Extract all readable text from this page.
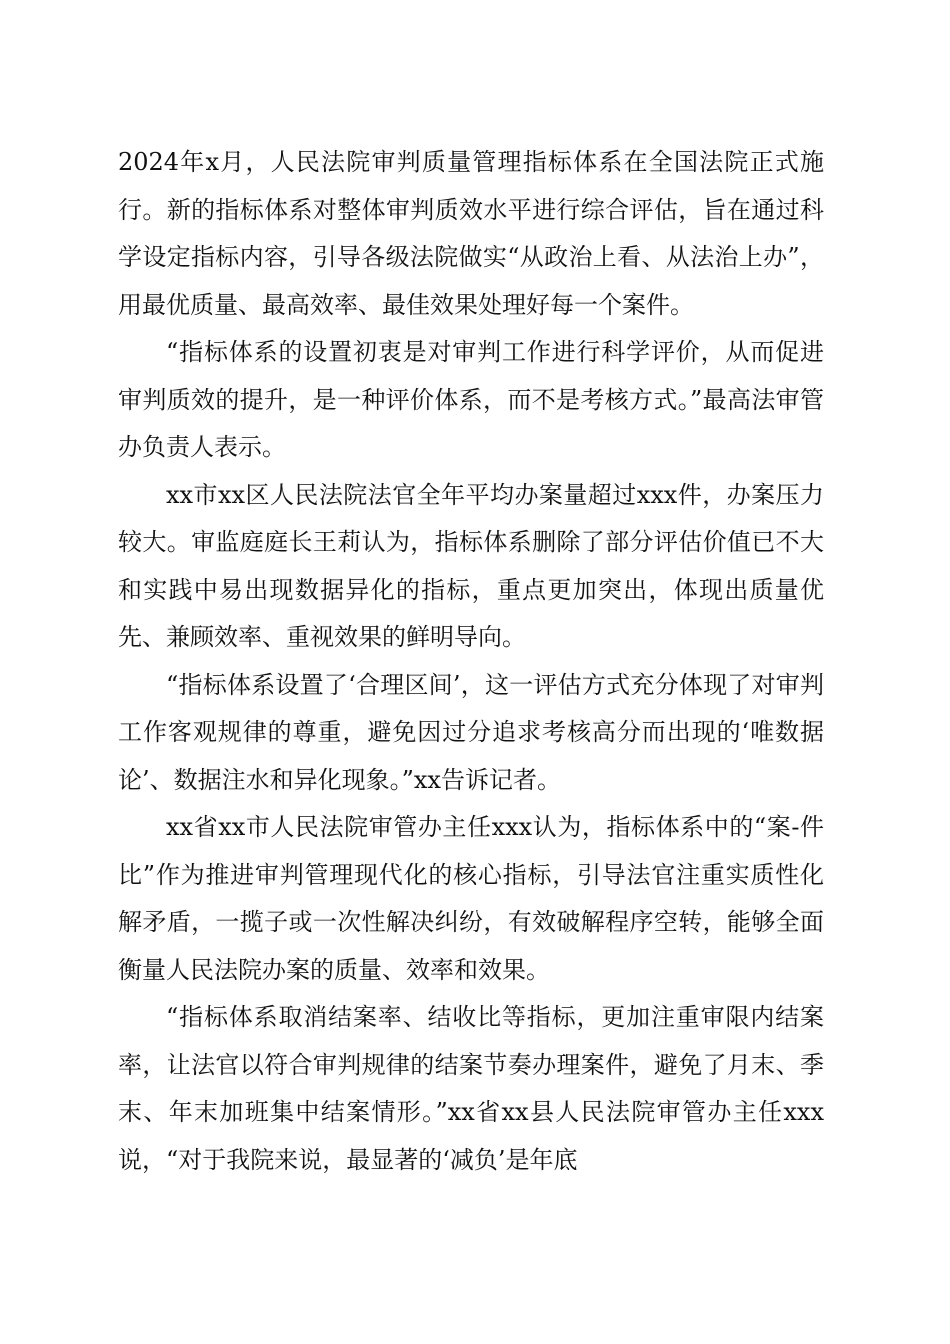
2024年x月，人民法院审判质量管理指标体系在全国法院正式施行。新的指标体系对整体审判质效水平进行综合评估，旨在通过科学设定指标内容，引导各级法院做实“从政治上看、从法治上办”，用最优质量、最高效率、最佳效果处理好每一个案件。

“指标体系的设置初衷是对审判工作进行科学评价，从而促进审判质效的提升，是一种评价体系，而不是考核方式。”最高法审管办负责人表示。

xx市xx区人民法院法官全年平均办案量超过xxx件，办案压力较大。审监庭庭长王莉认为，指标体系删除了部分评估价值已不大和实践中易出现数据异化的指标，重点更加突出，体现出质量优先、兼顾效率、重视效果的鲜明导向。

“指标体系设置了‘合理区间’，这一评估方式充分体现了对审判工作客观规律的尊重，避免因过分追求考核高分而出现的‘唯数据论’、数据注水和异化现象。”xx告诉记者。

xx省xx市人民法院审管办主任xxx认为，指标体系中的“案-件比”作为推进审判管理现代化的核心指标，引导法官注重实质性化解矛盾，一揽子或一次性解决纠纷，有效破解程序空转，能够全面衡量人民法院办案的质量、效率和效果。

“指标体系取消结案率、结收比等指标，更加注重审限内结案率，让法官以符合审判规律的结案节奏办理案件，避免了月末、季末、年末加班集中结案情形。”xx省xx县人民法院审管办主任xxx说，“对于我院来说，最显著的‘减负’是年底
